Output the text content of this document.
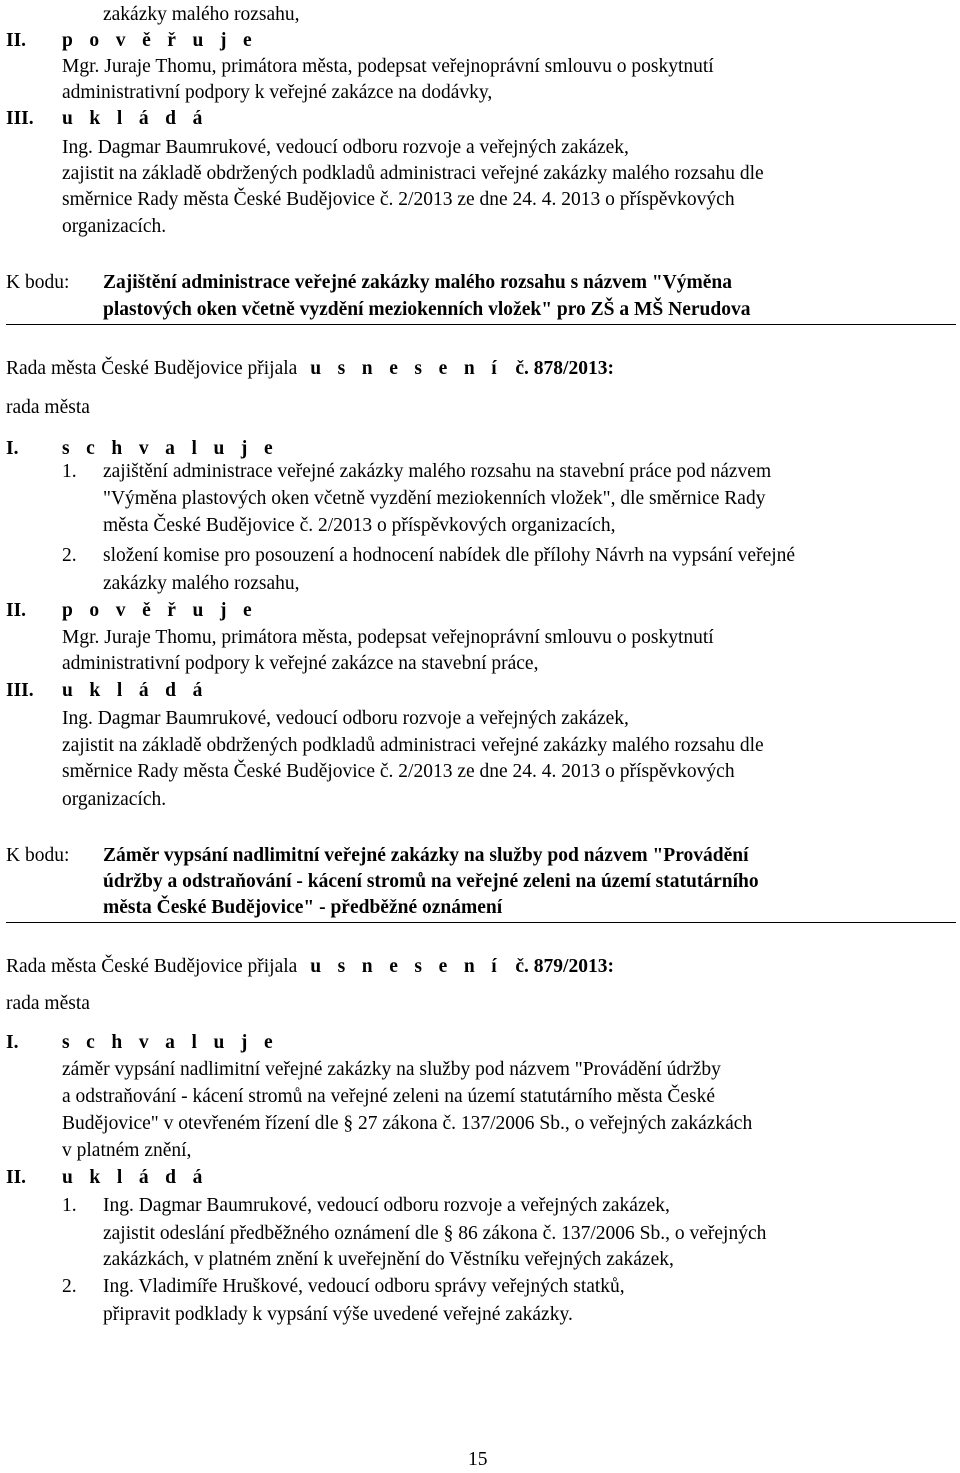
zakázky malého rozsahu,
II. p o v ě ř u j e
Mgr. Juraje Thomu, primátora města, podepsat veřejnoprávní smlouvu o poskytnutí
administrativní podpory k veřejné zakázce na dodávky,
III. u k l á d á
Ing. Dagmar Baumrukové, vedoucí odboru rozvoje a veřejných zakázek,
zajistit na základě obdržených podkladů administraci veřejné zakázky malého rozsahu dle
směrnice Rady města České Budějovice č. 2/2013 ze dne 24. 4. 2013 o příspěvkových
organizacích.
K bodu: Zajištění administrace veřejné zakázky malého rozsahu s názvem "Výměna
plastových oken včetně vyzdění meziokenních vložek" pro ZŠ a MŠ Nerudova
Rada města České Budějovice přijala u s n e s e n í č. 878/2013:
rada města
I. s c h v a l u j e
1. zajištění administrace veřejné zakázky malého rozsahu na stavební práce pod názvem
"Výměna plastových oken včetně vyzdění meziokenních vložek", dle směrnice Rady
města České Budějovice č. 2/2013 o příspěvkových organizacích,
2. složení komise pro posouzení a hodnocení nabídek dle přílohy Návrh na vypsání veřejné
zakázky malého rozsahu,
II. p o v ě ř u j e
Mgr. Juraje Thomu, primátora města, podepsat veřejnoprávní smlouvu o poskytnutí
administrativní podpory k veřejné zakázce na stavební práce,
III. u k l á d á
Ing. Dagmar Baumrukové, vedoucí odboru rozvoje a veřejných zakázek,
zajistit na základě obdržených podkladů administraci veřejné zakázky malého rozsahu dle
směrnice Rady města České Budějovice č. 2/2013 ze dne 24. 4. 2013 o příspěvkových
organizacích.
K bodu: Záměr vypsání nadlimitní veřejné zakázky na služby pod názvem "Provádění
údržby a odstraňování - kácení stromů na veřejné zeleni na území statutárního
města České Budějovice" - předběžné oznámení
Rada města České Budějovice přijala u s n e s e n í č. 879/2013:
rada města
I. s c h v a l u j e
záměr vypsání nadlimitní veřejné zakázky na služby pod názvem "Provádění údržby
a odstraňování - kácení stromů na veřejné zeleni na území statutárního města České
Budějovice" v otevřeném řízení dle § 27 zákona č. 137/2006 Sb., o veřejných zakázkách
v platném znění,
II. u k l á d á
1. Ing. Dagmar Baumrukové, vedoucí odboru rozvoje a veřejných zakázek,
zajistit odeslání předběžného oznámení dle § 86 zákona č. 137/2006 Sb., o veřejných
zakázkách, v platném znění k uveřejnění do Věstníku veřejných zakázek,
2. Ing. Vladimíře Hruškové, vedoucí odboru správy veřejných statků,
připravit podklady k vypsání výše uvedené veřejné zakázky.
15
